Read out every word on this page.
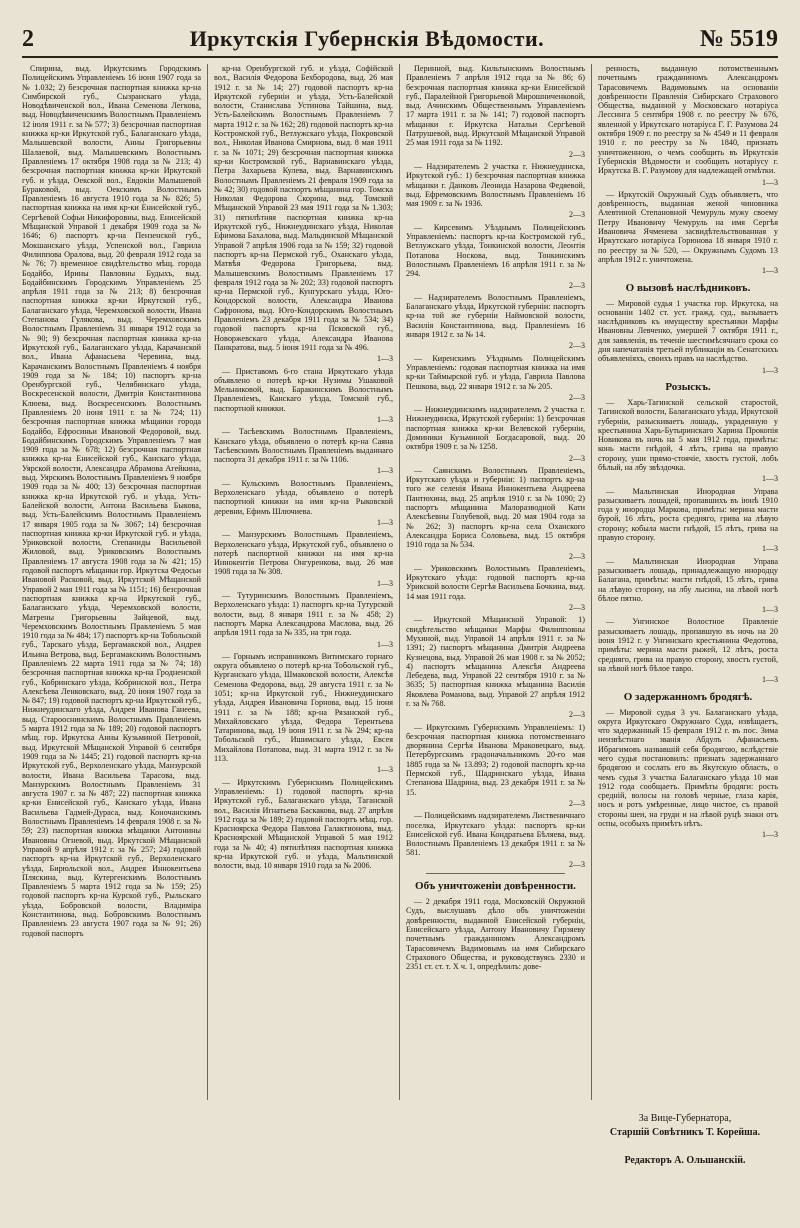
2	Иркутскія Губернскія Вѣдомости.	№ 5519

Спирина, выд. Иркутскимъ Городскимъ Полицейскимъ Управленіемъ 16 іюня 1907 года за № 1.032; 2) безсрочная паспортная книжка кр-на Симбирской губ., Сызранскаго уѣзда, Новодѣвиченской вол., Ивана Семенова Легкова, выд. Новодѣвиченскимъ Волостнымъ Правленіемъ 12 іюля 1911 г. за № 577; 3) безсрочная паспортная книжка кр-ки Иркутской губ., Балаганскаго уѣзда, Малышевской волости, Анны Григорьевны Шалаевой, выд. Малышевскимъ Волостнымъ Правленіемъ 17 октября 1908 года за № 213; 4) безсрочная паспортная книжка кр-ки Иркутской губ. и уѣзда, Оекской вол., Евдокіи Малышевой Бураковой, выд. Оекскимъ Волостнымъ Правленіемъ 16 августа 1910 года за № 826; 5) паспортная книжка на имя кр-ки Енисейской губ., Сергѣевой Софьи Никифоровны, выд. Енисейской Мѣщанской Управой 1 декабря 1909 года за № 1646; 6) паспортъ кр-на Пензенской губ., Мокшанскаго уѣзда, Успенской вол., Гаврила Филиппова Оралова, выд. 20 февраля 1912 года за № 76; 7) временное свидѣтельство мѣщ. города Бодайбо, Ирины Павловны Будыхъ, выд. Бодайбинскимъ Городскимъ Управленіемъ 25 апрѣля 1911 года за № 213; 8) безсрочная паспортная книжка кр-ки Иркутской губ., Балаганскаго уѣзда, Черемховской волости, Ивана Степанова Гулякова, выд. Черемховскимъ Волостнымъ Правленіемъ 31 января 1912 года за № 90; 9) безсрочная паспортная книжка кр-на Иркутской губ., Балаганскаго уѣзда, Карачанской вол., Ивана Афанасьева Черевина, выд. Карачанскимъ Волостнымъ Правленіемъ 4 ноября 1909 года за № 184; 10) паспортъ кр-на Оренбургской губ., Челябинскаго уѣзда, Воскресенской волости, Дмитрія Константинова Клюева, выд. Воскресенскимъ Волостнымъ Правленіемъ 20 іюня 1911 г. за № 724; 11) безсрочная паспортная книжка мѣщанки города Бодайбо, Ефросиньи Ивановой Федоровой, выд. Бодайбинскимъ Городскимъ Управленіемъ 7 мая 1909 года за № 678; 12) безсрочная паспортная книжка кр-на Енисейской губ., Канскаго уѣзда, Уярской волости, Александра Абрамова Агейкина, выд. Уярскимъ Волостнымъ Правленіемъ 9 ноября 1909 года за № 400; 13) безсрочная паспортная книжка кр-на Иркутской губ. и уѣзда, Усть-Балейской волости, Антона Васильева Быкова, выд. Усть-Балейскимъ Волостнымъ Правленіемъ 17 января 1905 года за № 3067; 14) безсрочная паспортная книжка кр-ки Иркутской губ. и уѣзда, Уриковской волости, Степаниды Васильевой Жиловой, выд. Уриковскимъ Волостнымъ Правленіемъ 17 августа 1908 года за № 421; 15) годовой паспортъ мѣщанки гор. Иркутска Федосьи Ивановой Расковой, выд. Иркутской Мѣщанской Управой 2 мая 1911 года за № 1151; 16) безсрочная паспортная книжка кр-на Иркутской губ., Балаганскаго уѣзда, Черемховской волости, Матрены Григорьевны Зайцевой, выд. Черемховскимъ Волостнымъ Правленіемъ 5 мая 1910 года за № 484; 17) паспортъ кр-на Тобольской губ., Тарскаго уѣзда, Бергамакской вол., Андрея Ильина Ветрова, выд. Бергамакскимъ Волостнымъ Правленіемъ 22 марта 1911 года за № 74; 18) безсрочная паспортная книжка кр-на Гродненской губ., Кобринскаго уѣзда, Кобринской вол., Петра Алексѣева Ленковскаго, выд. 20 іюня 1907 года за № 847; 19) годовой паспортъ кр-на Иркутской губ., Нижнеудинскаго уѣзда, Андрея Иванова Ганеева, выд. Старооснинскимъ Волостнымъ Правленіемъ 5 марта 1912 года за № 189; 20) годовой паспортъ мѣщ. гор. Иркутска Анны Кузьминой Петровой, выд. Иркутской Мѣщанской Управой 6 сентября 1909 года за № 1445; 21) годовой паспортъ кр-на Иркутской губ., Верхоленскаго уѣзда, Манзурской волости, Ивана Васильева Тарасова, выд. Манзурскимъ Волостнымъ Правленіемъ 31 августа 1907 г. за № 487; 22) паспортная книжка кр-ки Енисейской губ., Канскаго уѣзда, Ивана Васильева Гадмей-Дураса, выд. Коночанскимъ Волостнымъ Правленіемъ 14 февраля 1908 г. за № 59; 23) паспортная книжка мѣщанки Антонины Ивановны Огневой, выд. Иркутской Мѣщанской Управой 9 апрѣля 1912 г. за № 257; 24) годовой паспортъ кр-на Иркутской губ., Верхоленскаго уѣзда, Бирюльской вол., Андрея Иннокентьева Пляскина, выд. Кутергенскимъ Волостнымъ Правленіемъ 5 марта 1912 года за № 159; 25) годовой паспортъ кр-на Курской губ., Рыльскаго уѣзда, Бобровской волости, Владиміра Константинова, выд. Бобровскимъ Волостнымъ Правленіемъ 23 августа 1907 года за № 91; 26) годовой паспортъ

кр-на Оренбургской губ. и уѣзда, Софійской вол., Василія Федорова Бехбородова, выд. 26 мая 1912 г. за № 14; 27) годовой паспортъ кр-на Иркутской губерніи и уѣзда, Усть-Балейской волости, Станислава Устинова Тайшина, выд. Усть-Балейскимъ Волостнымъ Правленіемъ 7 марта 1912 г. за № 162; 28) годовой паспортъ кр-на Костромской губ., Ветлужскаго уѣзда, Покровской вол., Николая Иванова Смирнова, выд. 8 мая 1911 г. за № 1071; 29) безсрочная паспортная книжка кр-ки Костромской губ., Варнавинскаго уѣзда, Петра Захарьева Кулева, выд. Варнавинскимъ Волостнымъ Правленіемъ 21 февраля 1909 года за № 42; 30) годовой паспортъ мѣщанина гор. Томска Николая Федорова Скорина, выд. Томской Мѣщанской Управой 23 мая 1911 года за № 1.303; 31) пятилѣтняя паспортная книжка кр-на Иркутской губ., Нижнеудинскаго уѣзда, Николая Ефимова Бахалова, выд. Мальдинской Мѣщанской Управой 7 апрѣля 1906 года за № 159; 32) годовой паспортъ кр-на Пермской губ., Оханскаго уѣзда, Матвѣя Федорова Григорьева, выд. Малышевскимъ Волостнымъ Правленіемъ 17 февраля 1912 года за № 202; 33) годовой паспортъ кр-на Пермской губ., Кунгурскаго уѣзда, Юго-Кондорской волости, Александра Иванова Сафронова, выд. Юго-Кондорскимъ Волостнымъ Правленіемъ 23 декабря 1911 года за № 534; 34) годовой паспортъ кр-на Псковской губ., Новоржевскаго уѣзда, Александра Иванова Панкратова, выд. 5 іюня 1911 года за № 496.

1—3

— Приставомъ 6-го стана Иркутскаго уѣзда объявлено о потерѣ кр-ки Нузимы Ушаковой Мельниковой, выд. Баракинскимъ Волостнымъ Правленіемъ, Канскаго уѣзда, Томской губ., паспортной книжки.

1—3

— Тасѣевскимъ Волостнымъ Правленіемъ, Канскаго уѣзда, объявлено о потерѣ кр-на Саяна Тасѣевскимъ Волостнымъ Правленіемъ выданнаго паспорта 31 декабря 1911 г. за № 1106.

1—3

— Кульскимъ Волостнымъ Правленіемъ, Верхоленскаго уѣзда, объявлено о потерѣ паспортной книжки на имя кр-на Рыковской деревни, Ефимъ Шлючиева.

1—3

— Манзурскимъ Волостнымъ Правленіемъ, Верхоленскаго уѣзда, Иркутской губ., объявлено о потерѣ паспортной книжки на имя кр-на Иннокентія Петрова Онгуренкова, выд. 26 мая 1908 года за № 308.

1—3

— Тутуринскимъ Волостнымъ Правленіемъ, Верхоленскаго уѣзда: 1) паспортъ кр-на Тутурской волости, выд. 8 января 1911 г. за № 458; 2) паспортъ Марка Александрова Маслова, выд. 26 апрѣля 1911 года за № 335, на три года.

1—3

— Горнымъ исправникомъ Витимскаго горнаго округа объявлено о потерѣ кр-на Тобольской губ., Курганскаго уѣзда, Шмаковской волости, Алексѣя Семенова Федорова, выд. 29 августа 1911 г. за № 1051; кр-на Иркутской губ., Нижнеудинскаго уѣзда, Андрея Ивановича Горнова, выд. 15 іюня 1911 г. за № 188; кр-на Рязанской губ., Михайловскаго уѣзда, Федора Терентьева Татаринова, выд. 19 іюня 1911 г. за № 294; кр-на Тобольской губ., Ишимскаго уѣзда, Евсея Михайлова Потапова, выд. 31 марта 1912 г. за № 113.

1—3

— Иркутскимъ Губернскимъ Полицейскимъ Управленіемъ: 1) годовой паспортъ кр-на Иркутской губ., Балаганскаго уѣзда, Таганской вол., Василія Игнатьева Баскакова, выд. 27 апрѣля 1912 года за № 189; 2) годовой паспортъ мѣщ. гор. Красноярска Федора Павлова Галактионова, выд. Красноярской Мѣщанской Управой 5 мая 1912 года за № 40; 4) пятилѣтняя паспортная книжка кр-на Иркутской губ. и уѣзда, Мальтинской волости, выд. 10 января 1910 года за № 2006.

Перинной, выд. Кильтынскимъ Волостнымъ Правленіемъ 7 апрѣля 1912 года за № 86; 6) безсрочная паспортная книжка кр-ки Енисейской губ., Паралейной Григорьевой Мирошниченковой, выд. Ачинскимъ Общественнымъ Управленіемъ 17 марта 1911 г. за № 141; 7) годовой паспортъ мѣщанки г. Иркутска Натальи Сергѣевой Патрушевой, выд. Иркутской Мѣщанской Управой 25 мая 1911 года за № 1192.

2—3

— Надзирателемъ 2 участка г. Нижнеудинска, Иркутской губ.: 1) безсрочная паспортная книжка мѣщанки г. Данковъ Леонида Назарова Федяевой, выд. Ефремовскимъ Волостнымъ Правленіемъ 16 мая 1909 г. за № 1936.

2—3

— Кирсевимъ Уѣзднымъ Полицейскимъ Управленіемъ: паспортъ кр-на Костромской губ., Ветлужскаго уѣзда, Тонкинской волости, Леонтія Потапова Носкова, выд. Тонкинскимъ Волостнымъ Правленіемъ 16 апрѣля 1911 г. за № 294.

2—3

— Надзирателемъ Волостнымъ Правленіемъ, Балаганскаго уѣзда, Иркутской губерніи: паспортъ кр-на той же губерніи Наймовской волости, Василія Константинова, выд. Правленіемъ 16 января 1912 г. за № 14.

2—3

— Киренскимъ Уѣзднымъ Полицейскимъ Управленіемъ: годовая паспортная книжка на имя кр-ки Таймырской губ. и уѣзда, Гаврила Павлова Пешкова, выд. 22 января 1912 г. за № 205.

2—3

— Нижнеудинскимъ надзирателемъ 2 участка г. Нижнеудинска, Иркутской губерніи: 1) безсрочная паспортная книжка кр-ки Велевской губерніи, Доминики Кузьминой Богдасаровой, выд. 20 октября 1909 г. за № 1258.

2—3

— Саянскимъ Волостнымъ Правленіемъ, Иркутскаго уѣзда и губерніи: 1) паспортъ кр-на того же селенія Ивана Иннокентьева Андреева Пантюхина, выд. 25 апрѣля 1910 г. за № 1090; 2) паспортъ мѣщанина Малоразводной Кати Алексѣевны Голубевой, выд. 20 мая 1904 года за № 262; 3) паспортъ кр-на села Оханского Александра Бориса Соловьева, выд. 15 октября 1910 года за № 534.

2—3

— Уриковскимъ Волостнымъ Правленіемъ, Иркутскаго уѣзда: годовой паспортъ кр-на Урикской волости Сергѣя Васильева Бочкина, выд. 14 мая 1911 года.

2—3

— Иркутской Мѣщанской Управой: 1) свидѣтельство мѣщанки Марфы Филипповны Мухиной, выд. Управой 14 апрѣля 1911 г. за № 1391; 2) паспортъ мѣщанина Дмитрія Андреева Кузнецова, выд. Управой 26 мая 1908 г. за № 2052; 4) паспортъ мѣщанина Алексѣя Андреева Лебедева, выд. Управой 22 сентября 1910 г. за № 3635; 5) паспортная книжка мѣщанина Василія Яковлева Романова, выд. Управой 27 апрѣля 1912 г. за № 768.

2—3

— Иркутскимъ Губернскимъ Управленіемъ: 1) безсрочная паспортная книжка потомственнаго дворянина Сергѣя Иванова Мраковецкаго, выд. Петербургскимъ градоначальникомъ 20-го мая 1885 года за № 13.893; 2) годовой паспортъ кр-на Пермской губ., Шадринскаго уѣзда, Ивана Степанова Шадрина, выд. 23 декабря 1911 г. за № 15.

2—3

— Полицейскимъ надзирателемъ Лиственичнаго поселка, Иркутскаго уѣзда: паспортъ кр-ки Енисейской губ. Ивана Кондратьева Бѣляева, выд. Волостнымъ Правленіемъ 13 декабря 1911 г. за № 581.

2—3
Объ уничтоженіи довѣренности.

— 2 декабря 1911 года, Московскій Окружной Судъ, выслушавъ дѣло объ уничтоженіи довѣренности, выданной Енисейской губерніи, Енисейскаго уѣзда, Антону Ивановичу Гирзяеву почетнымъ гражданиномъ Александромъ Тарасовичемъ Вадимовымъ на имя Сибирскаго Страхового Общества, и руководствуясь 2330 и 2351 ст. ст. т. X ч. 1, опредѣлилъ: дове-

ренность, выданную потомственнымъ почетнымъ гражданиномъ Александромъ Тарасовичемъ Вадимовымъ на основаніи довѣренности Правленія Сибирскаго Страхового Общества, выданной у Московскаго нотаріуса Лессинга 5 сентября 1908 г. по реестру № 676, явленной у Иркутскаго нотаріуса Г. Г. Разумова 24 октября 1909 г. по реестру за № 4549 и 11 февраля 1910 г. по реестру за № 1840, признать уничтоженною, о чемъ сообщить въ Иркутскія Губернскія Вѣдомости и сообщить нотаріусу г. Иркутска В. Г. Разумову для надлежащей отмѣтки.

1—3

— Иркутскій Окружный Судъ объявляетъ, что довѣренность, выданная женой чиновника Алевтиной Степановной Чемуруль мужу своему Петру Ивановичу Чемуруль на имя Сергѣя Ивановича Ячменева засвидѣтельствованная у Иркутскаго нотаріуса Горюнова 18 января 1910 г. по реестру за № 520, — Окружнымъ Судомъ 13 апрѣля 1912 г. уничтожена.

1—3
О вызовѣ наслѣдниковъ.

— Мировой судья 1 участка гор. Иркутска, на основаніи 1402 ст. уст. гражд. суд., вызываетъ наслѣдниковъ къ имуществу крестьянки Марфы Ивановны Левченко, умершей 7 октября 1911 г., для заявленія, въ теченіе шестимѣсячнаго срока со дня напечатанія третьей публикаціи въ Сенатскихъ объявленіяхъ, своихъ правъ на наслѣдство.

1—3
Розыскъ.

— Харь-Тагинской сельской старостой, Тагинской волости, Балаганскаго уѣзда, Иркутской губерніи, разыскиваетъ лошадь, украденную у крестьянина Харь-Бутыринскаго Харина Прокопія Новикова въ ночь на 5 мая 1912 года, примѣты: конь масти гнѣдой, 4 лѣтъ, грива на правую сторону, уши прямо-стоячіе, хвостъ густой, лобъ бѣлый, на лбу звѣздочка.

1—3

— Мальтинская Инородная Управа разыскиваетъ лошадей, пропавшихъ въ іюнѣ 1910 года у инородца Маркова, примѣты: мерина масти бурой, 16 лѣтъ, роста средняго, грива на лѣвую сторону; кобыла масти гнѣдой, 15 лѣтъ, грива на правую сторону.

1—3

— Мальтинская Инородная Управа разыскиваетъ лошадь, принадлежащую инородцу Балагана, примѣты: масти гнѣдой, 15 лѣтъ, грива на лѣвую сторону, на лбу лысина, на лѣвой ногѣ бѣлое пятно.

1—3

— Унгинское Волостное Правленіе разыскиваетъ лошадь, пропавшую въ ночь на 20 іюня 1912 г. у Унгинскаго крестьянина Федотова, примѣты: мерина масти рыжей, 12 лѣтъ, роста средняго, грива на правую сторону, хвостъ густой, на лѣвой ногѣ бѣлое тавро.

1—3
О задержанномъ бродягѣ.

— Мировой судья 3 уч. Балаганскаго уѣзда, округа Иркутскаго Окружнаго Суда, извѣщаетъ, что задержанный 15 февраля 1912 г. въ пос. Зима неизвѣстнаго званія Абдулъ Афанасьевъ Ибрагимовъ назвавшій себя бродягою, вслѣдствіе чего судья постановилъ: признать задержаннаго бродягою и сослать его въ Якутскую область, о чемъ судья 3 участка Балаганскаго уѣзда 10 мая 1912 года сообщаетъ. Примѣты бродяги: рость средній, волосы на головѣ черные, глаза карія, носъ и ротъ умѣренные, лицо чистое, съ правой стороны шеи, на груди и на лѣвой руцѣ знаки отъ оспы, особыхъ примѣтъ нѣтъ.

1—3
За Вице-Губернатора,
Старшій Совѣтникъ Т. Корейша.
Редакторъ А. Ольшанскій.
